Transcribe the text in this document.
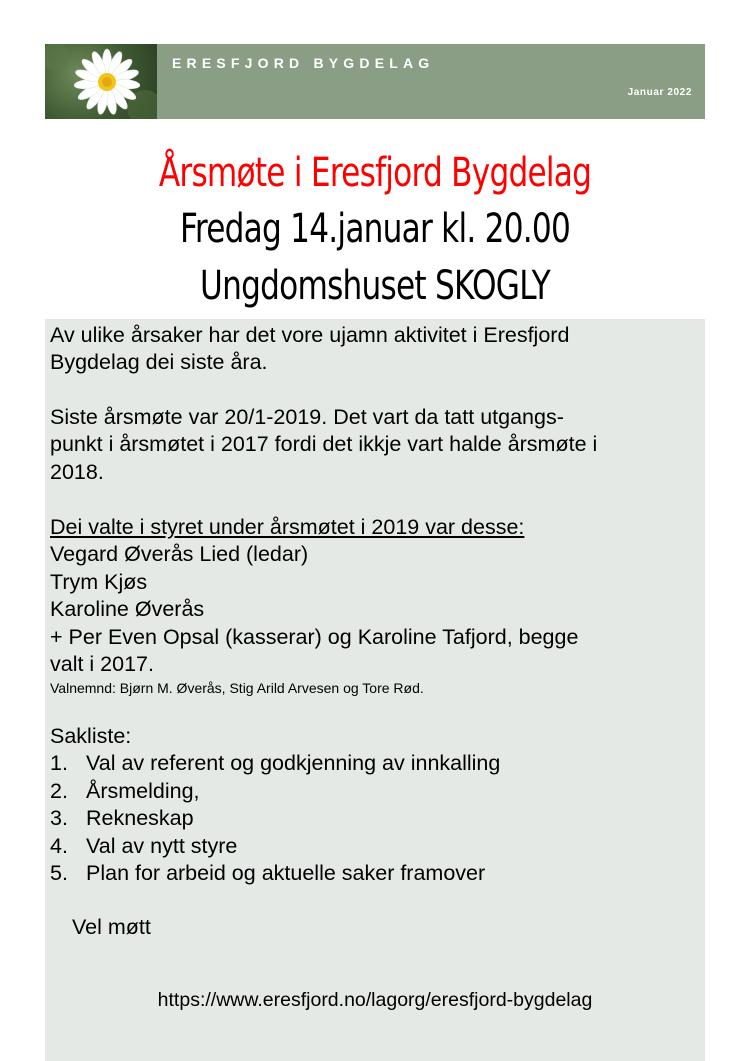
ERESFJORD BYGDELAG
Januar 2022
Årsmøte i Eresfjord Bygdelag
Fredag 14.januar kl. 20.00
Ungdomshuset SKOGLY
Av ulike årsaker har det vore ujamn aktivitet i Eresfjord
Bygdelag dei siste åra.
Siste årsmøte var 20/1-2019. Det vart da tatt utgangs-
punkt i årsmøtet i 2017 fordi det ikkje vart halde årsmøte i
2018.
Dei valte i styret under årsmøtet i 2019 var desse:
Vegard Øverås Lied (ledar)
Trym Kjøs
Karoline Øverås
+ Per Even Opsal (kasserar) og Karoline Tafjord, begge
valt i 2017.
Valnemnd: Bjørn M. Øverås, Stig Arild Arvesen og Tore Rød.
Sakliste:
1. Val av referent og godkjenning av innkalling
2. Årsmelding,
3. Rekneskap
4. Val av nytt styre
5. Plan for arbeid og aktuelle saker framover
Vel møtt
https://www.eresfjord.no/lagorg/eresfjord-bygdelag
